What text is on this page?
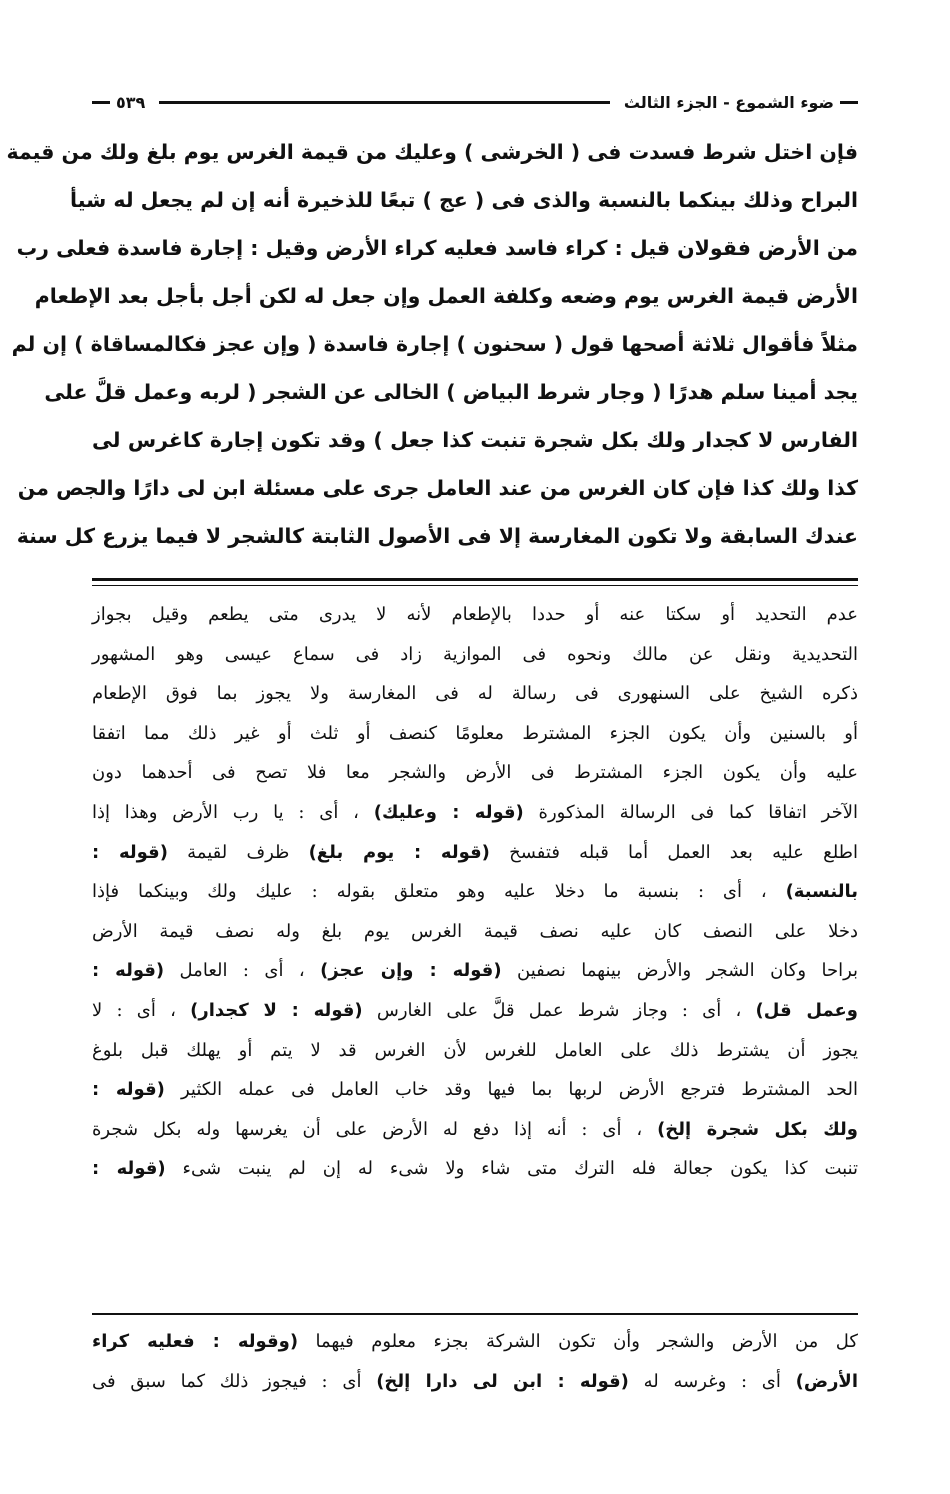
ضوء الشموع - الجزء الثالث
٥٣٩
فإن اختل شرط فسدت فى ( الخرشى ) وعليك من قيمة الغرس يوم بلغ ولك من قيمة
البراح وذلك بينكما بالنسبة والذى فى ( عج ) تبعًا للذخيرة أنه إن لم يجعل له شيأ
من الأرض فقولان قيل : كراء فاسد فعليه كراء الأرض وقيل : إجارة فاسدة فعلى رب
الأرض قيمة الغرس يوم وضعه وكلفة العمل وإن جعل له لكن أجل بأجل بعد الإطعام
مثلاً فأقوال ثلاثة أصحها قول ( سحنون ) إجارة فاسدة ( وإن عجز فكالمساقاة ) إن لم
يجد أمينا سلم هدرًا ( وجار شرط البياض ) الخالى عن الشجر ( لربه وعمل قلَّ على
الفارس لا كجدار ولك بكل شجرة تنبت كذا جعل ) وقد تكون إجارة كاغرس لى
كذا ولك كذا فإن كان الغرس من عند العامل جرى على مسئلة ابن لى دارًا والجص من
عندك السابقة ولا تكون المغارسة إلا فى الأصول الثابتة كالشجر لا فيما يزرع كل سنة
عدم التحديد أو سكتا عنه أو حددا بالإطعام لأنه لا يدرى متى يطعم وقيل بجواز
التحديدية ونقل عن مالك ونحوه فى الموازية زاد فى سماع عيسى وهو المشهور
ذكره الشيخ على السنهورى فى رسالة له فى المغارسة ولا يجوز بما فوق الإطعام
أو بالسنين وأن يكون الجزء المشترط معلومًا كنصف أو ثلث أو غير ذلك مما اتفقا
عليه وأن يكون الجزء المشترط فى الأرض والشجر معا فلا تصح فى أحدهما دون
الآخر اتفاقا كما فى الرسالة المذكورة (قوله : وعليك) ، أى : يا رب الأرض وهذا إذا
اطلع عليه بعد العمل أما قبله فتفسخ (قوله : يوم بلغ) ظرف لقيمة (قوله :
بالنسبة) ، أى : بنسبة ما دخلا عليه وهو متعلق بقوله : عليك ولك وبينكما فإذا
دخلا على النصف كان عليه نصف قيمة الغرس يوم بلغ وله نصف قيمة الأرض
براحا وكان الشجر والأرض بينهما نصفين (قوله : وإن عجز) ، أى : العامل (قوله :
وعمل قل) ، أى : وجاز شرط عمل قلَّ على الغارس (قوله : لا كجدار) ، أى : لا
يجوز أن يشترط ذلك على العامل للغرس لأن الغرس قد لا يتم أو يهلك قبل بلوغ
الحد المشترط فترجع الأرض لربها بما فيها وقد خاب العامل فى عمله الكثير (قوله :
ولك بكل شجرة إلخ) ، أى : أنه إذا دفع له الأرض على أن يغرسها وله بكل شجرة
تنبت كذا يكون جعالة فله الترك متى شاء ولا شىء له إن لم ينبت شىء (قوله :
كل من الأرض والشجر وأن تكون الشركة بجزء معلوم فيهما (وقوله : فعليه كراء
الأرض) أى : وغرسه له (قوله : ابن لى دارا إلخ) أى : فيجوز ذلك كما سبق فى
